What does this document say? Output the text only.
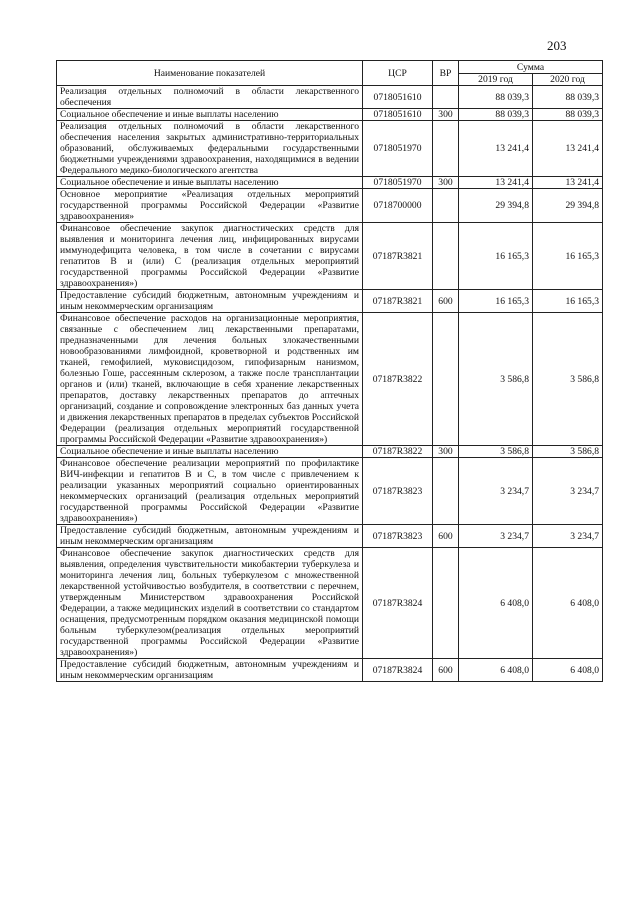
203
Наименование показателей	ЦСР	ВР	Сумма	
			2019 год	2020 год
Реализация отдельных полномочий в области лекарственного обеспечения	0718051610		88 039,3	88 039,3
Социальное обеспечение и иные выплаты населению	0718051610	300	88 039,3	88 039,3
Реализация отдельных полномочий в области лекарственного обеспечения населения закрытых административно-территориальных образований, обслуживаемых федеральными государственными бюджетными учреждениями здравоохранения, находящимися в ведении Федерального медико-биологического агентства	0718051970		13 241,4	13 241,4
Социальное обеспечение и иные выплаты населению	0718051970	300	13 241,4	13 241,4
Основное мероприятие «Реализация отдельных мероприятий государственной программы Российской Федерации «Развитие здравоохранения»	0718700000		29 394,8	29 394,8
Финансовое обеспечение закупок диагностических средств для выявления и мониторинга лечения лиц, инфицированных вирусами иммунодефицита человека, в том числе в сочетании с вирусами гепатитов В и (или) С (реализация отдельных мероприятий государственной программы Российской Федерации «Развитие здравоохранения»)	07187R3821		16 165,3	16 165,3
Предоставление субсидий бюджетным, автономным учреждениям и иным некоммерческим организациям	07187R3821	600	16 165,3	16 165,3
Финансовое обеспечение расходов на организационные мероприятия, связанные с обеспечением лиц лекарственными препаратами, предназначенными для лечения больных злокачественными новообразованиями лимфоидной, кроветворной и родственных им тканей, гемофилией, муковисцидозом, гипофизарным нанизмом, болезнью Гоше, рассеянным склерозом, а также после трансплантации органов и (или) тканей, включающие в себя хранение лекарственных препаратов, доставку лекарственных препаратов до аптечных организаций, создание и сопровождение электронных баз данных учета и движения лекарственных препаратов в пределах субъектов Российской Федерации (реализация отдельных мероприятий государственной программы Российской Федерации «Развитие здравоохранения»)	07187R3822		3 586,8	3 586,8
Социальное обеспечение и иные выплаты населению	07187R3822	300	3 586,8	3 586,8
Финансовое обеспечение реализации мероприятий по профилактике ВИЧ-инфекции и гепатитов В и С, в том числе с привлечением к реализации указанных мероприятий социально ориентированных некоммерческих организаций (реализация отдельных мероприятий государственной программы Российской Федерации «Развитие здравоохранения»)	07187R3823		3 234,7	3 234,7
Предоставление субсидий бюджетным, автономным учреждениям и иным некоммерческим организациям	07187R3823	600	3 234,7	3 234,7
Финансовое обеспечение закупок диагностических средств для выявления, определения чувствительности микобактерии туберкулеза и мониторинга лечения лиц, больных туберкулезом с множественной лекарственной устойчивостью возбудителя, в соответствии с перечнем, утвержденным Министерством здравоохранения Российской Федерации, а также медицинских изделий в соответствии со стандартом оснащения, предусмотренным порядком оказания медицинской помощи больным туберкулезом(реализация отдельных мероприятий государственной программы Российской Федерации «Развитие здравоохранения»)	07187R3824		6 408,0	6 408,0
Предоставление субсидий бюджетным, автономным учреждениям и иным некоммерческим организациям	07187R3824	600	6 408,0	6 408,0
